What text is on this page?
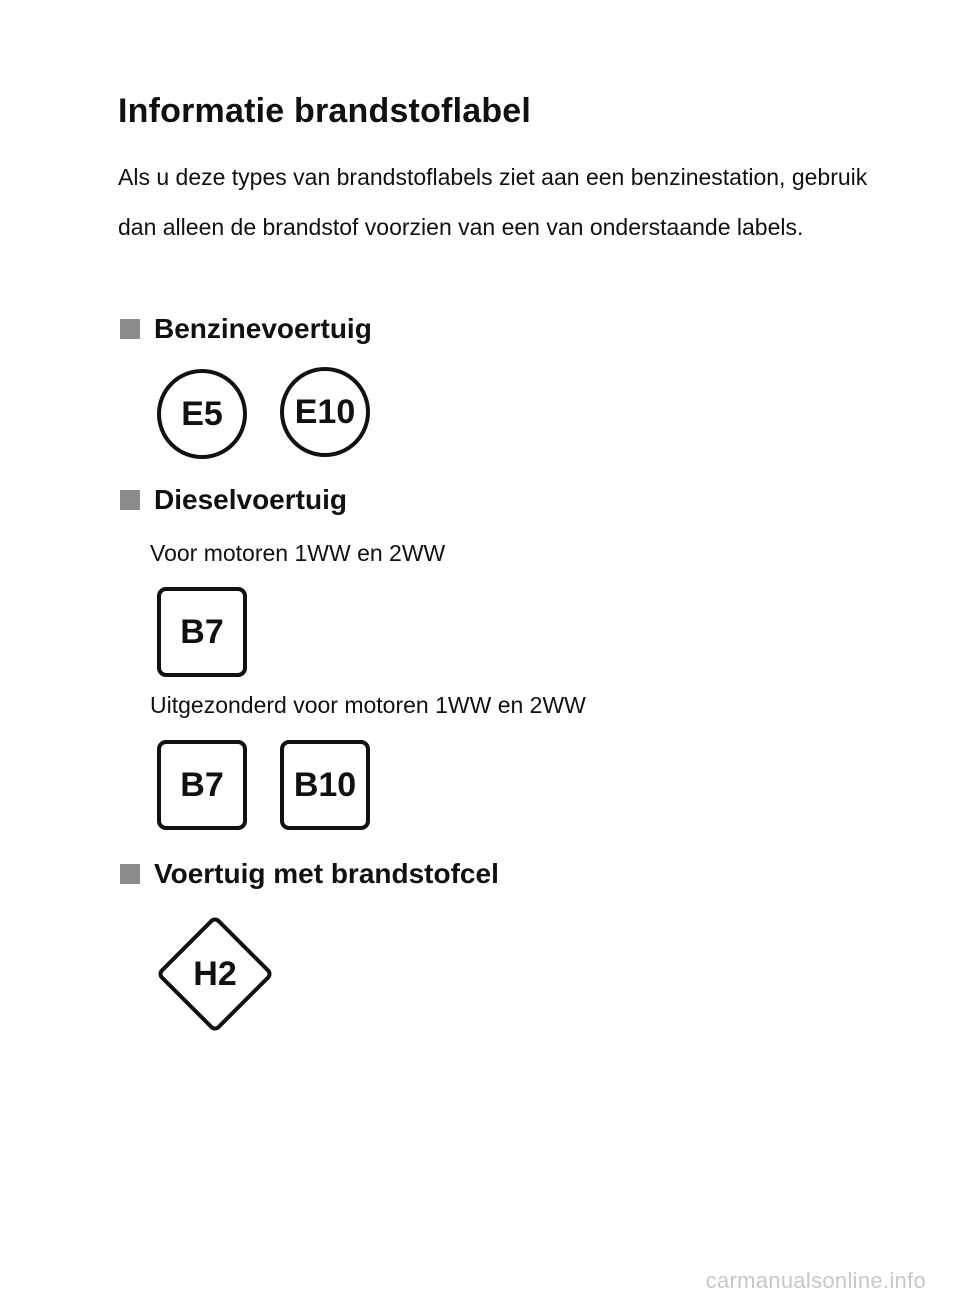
Informatie brandstoflabel

Als u deze types van brandstoflabels ziet aan een benzinestation, gebruik dan alleen de brandstof voorzien van een van onderstaande labels.

Benzinevoertuig
E5	E10
Dieselvoertuig

Voor motoren 1WW en 2WW

B7

Uitgezonderd voor motoren 1WW en 2WW

B7	B10
Voertuig met brandstofcel
H2
carmanualsonline.info
